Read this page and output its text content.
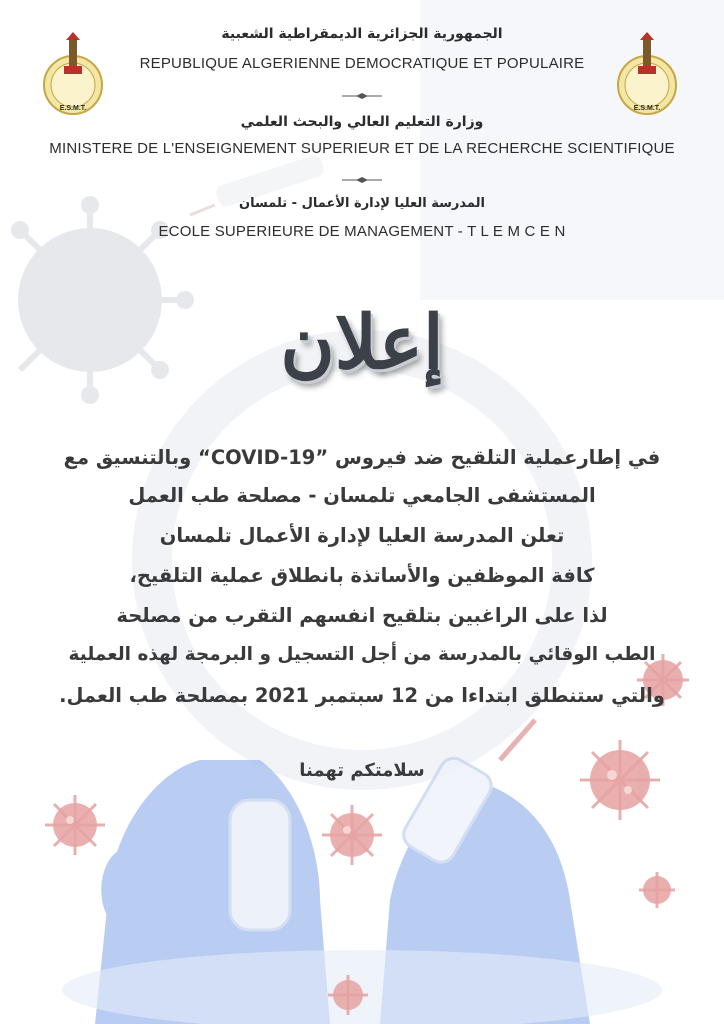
E.S.M.T.	E.S.M.T.
الجمهورية الجزائرية الديمقراطية الشعبية
REPUBLIQUE ALGERIENNE DEMOCRATIQUE ET POPULAIRE
وزارة التعليم العالي والبحث العلمي
MINISTERE DE L'ENSEIGNEMENT SUPERIEUR ET DE LA RECHERCHE SCIENTIFIQUE
المدرسة العليا لإدارة الأعمال - تلمسان
ECOLE SUPERIEURE DE MANAGEMENT - T L E M C E N
إعلان
في إطارعملية التلقيح ضد فيروس ”COVID-19“ وبالتنسيق مع
المستشفى الجامعي تلمسان - مصلحة طب العمل
تعلن المدرسة العليا لإدارة الأعمال تلمسان
كافة الموظفين والأساتذة بانطلاق عملية التلقيح،
لذا على الراغبين بتلقيح انفسهم التقرب من مصلحة
الطب الوقائي بالمدرسة من أجل التسجيل و البرمجة لهذه العملية
والتي ستنطلق ابتداءا من 12 سبتمبر 2021 بمصلحة طب العمل.
سلامتكم تهمنا
